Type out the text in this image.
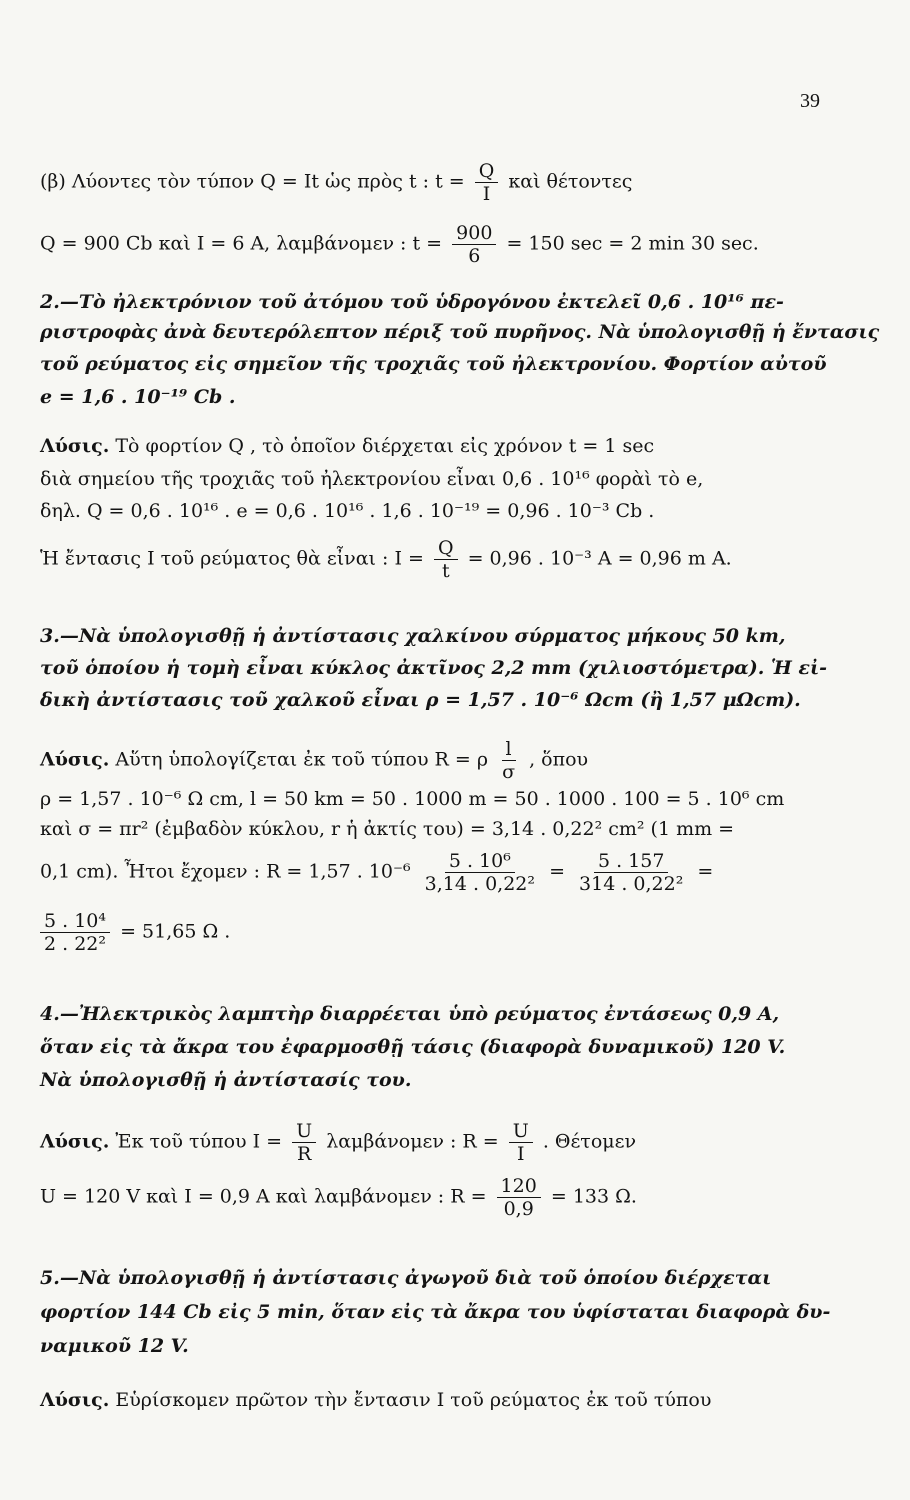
39
(β) Λύοντες τὸν τύπον Q = It ὡς πρὸς t : $t = \frac{Q}{I}$ καὶ θέτοντες
Q = 900 Cb καὶ I = 6 A, λαμβάνομεν : $t = \frac{900}{6} = 150$ sec = 2 min 30 sec.
2.—Τὸ ἠλεκτρόνιον τοῦ ἀτόμου τοῦ ὑδρογόνου ἐκτελεῖ 0,6 . 10¹⁶ πε-
ριστροφὰς ἀνὰ δευτερόλεπτον πέριξ τοῦ πυρῆνος. Νὰ ὑπολογισθῇ ἡ ἔντασις
τοῦ ρεύματος εἰς σημεῖον τῆς τροχιᾶς τοῦ ἠλεκτρονίου. Φορτίον αὐτοῦ
e = 1,6 . 10⁻¹⁹ Cb .
Λύσις. Τὸ φορτίον Q , τὸ ὁποῖον διέρχεται εἰς χρόνον t = 1 sec
διὰ σημείου τῆς τροχιᾶς τοῦ ἠλεκτρονίου εἶναι 0,6 . 10¹⁶ φορὰὶ τὸ e,
δηλ. Q = 0,6 . 10¹⁶ . e = 0,6 . 10¹⁶ . 1,6 . 10⁻¹⁹ = 0,96 . 10⁻³ Cb .
Ἡ ἔντασις I τοῦ ρεύματος θὰ εἶναι : $I = \frac{Q}{t} = 0,96$ . 10⁻³ A = 0,96 m A.
3.—Νὰ ὑπολογισθῇ ἡ ἀντίστασις χαλκίνου σύρματος μήκους 50 km,
τοῦ ὁποίου ἡ τομὴ εἶναι κύκλος ἀκτῖνος 2,2 mm (χιλιοστόμετρα). Ἡ εἰ-
δικὴ ἀντίστασις τοῦ χαλκοῦ εἶναι ρ = 1,57 . 10⁻⁶ Ωcm (ἢ 1,57 μΩcm).
Λύσις. Αὕτη ὑπολογίζεται ἐκ τοῦ τύπου R = ρ $\frac{l}{\sigma}$ , ὅπου
ρ = 1,57 . 10⁻⁶ Ω cm, l = 50 km = 50 . 1000 m = 50 . 1000 . 100 = 5 . 10⁶ cm
καὶ σ = πr² (ἐμβαδὸν κύκλου, r ἡ ἀκτίς του) = 3,14 . 0,22² cm² (1 mm =
0,1 cm). Ἦτοι ἔχομεν : R = 1,57 . $10^{-6} \frac{\text{5 . 10⁶}}{\text{3,14 . 0,22²}} = \frac{5 . 157}{\text{314 . 0,22²}}$ =
$\frac{\text{5 . 10⁴}}{\text{2 . 22²}} = 51,65$ Ω .
4.—Ἠλεκτρικὸς λαμπτὴρ διαρρέεται ὑπὸ ρεύματος ἐντάσεως 0,9 A,
ὅταν εἰς τὰ ἄκρα του ἐφαρμοσθῇ τάσις (διαφορὰ δυναμικοῦ) 120 V.
Νὰ ὑπολογισθῇ ἡ ἀντίστασίς του.
Λύσις. Ἐκ τοῦ τύπου $I = \frac{U}{R}$ λαμβάνομεν : $R = \frac{U}{I}$ . Θέτομεν
U = 120 V καὶ I = 0,9 A καὶ λαμβάνομεν : $R = \frac{120}{0,9} = 133$ Ω.
5.—Νὰ ὑπολογισθῇ ἡ ἀντίστασις ἀγωγοῦ διὰ τοῦ ὁποίου διέρχεται
φορτίον 144 Cb εἰς 5 min, ὅταν εἰς τὰ ἄκρα του ὑφίσταται διαφορὰ δυ-
ναμικοῦ 12 V.
Λύσις. Εὑρίσκομεν πρῶτον τὴν ἔντασιν I τοῦ ρεύματος ἐκ τοῦ τύπου
